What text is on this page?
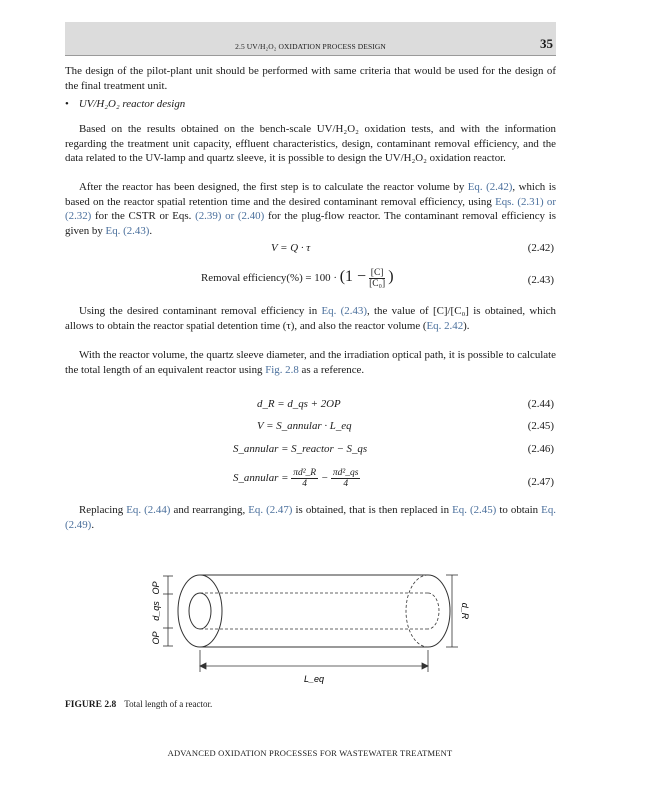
2.5 UV/H₂O₂ OXIDATION PROCESS DESIGN	35

The design of the pilot-plant unit should be performed with same criteria that would be used for the design of the final treatment unit.

• UV/H₂O₂ reactor design

Based on the results obtained on the bench-scale UV/H₂O₂ oxidation tests, and with the information regarding the treatment unit capacity, effluent characteristics, design, contaminant removal efficiency, and the data related to the UV-lamp and quartz sleeve, it is possible to design the UV/H₂O₂ oxidation reactor.

After the reactor has been designed, the first step is to calculate the reactor volume by Eq. (2.42), which is based on the reactor spatial retention time and the desired contaminant removal efficiency, using Eqs. (2.31) or (2.32) for the CSTR or Eqs. (2.39) or (2.40) for the plug-flow reactor. The contaminant removal efficiency is given by Eq. (2.43).

V = Q · τ	(2.42)
Removal efficiency(%) = $100 \cdot (1 - \frac{[C]}{\text{[C₀]}}$ )	(2.43)

Using the desired contaminant removal efficiency in Eq. (2.43), the value of [C]/[C₀] is obtained, which allows to obtain the reactor spatial detention time (τ), and also the reactor volume (Eq. 2.42).

With the reactor volume, the quartz sleeve diameter, and the irradiation optical path, it is possible to calculate the total length of an equivalent reactor using Fig. 2.8 as a reference.

d_R = d_qs + 2OP	(2.44)
V = S_annular · L_eq	(2.45)
S_annular = S_reactor − S_qs	(2.46)
S_annular = $\frac{\text{πd²\_R}}{4} - \frac{\text{πd²\_qs}}{4}$	(2.47)

Replacing Eq. (2.44) and rearranging, Eq. (2.47) is obtained, that is then replaced in Eq. (2.45) to obtain Eq. (2.49).

OP
d_qs
OP
d_R
L_eq
FIGURE 2.8 Total length of a reactor.
ADVANCED OXIDATION PROCESSES FOR WASTEWATER TREATMENT
